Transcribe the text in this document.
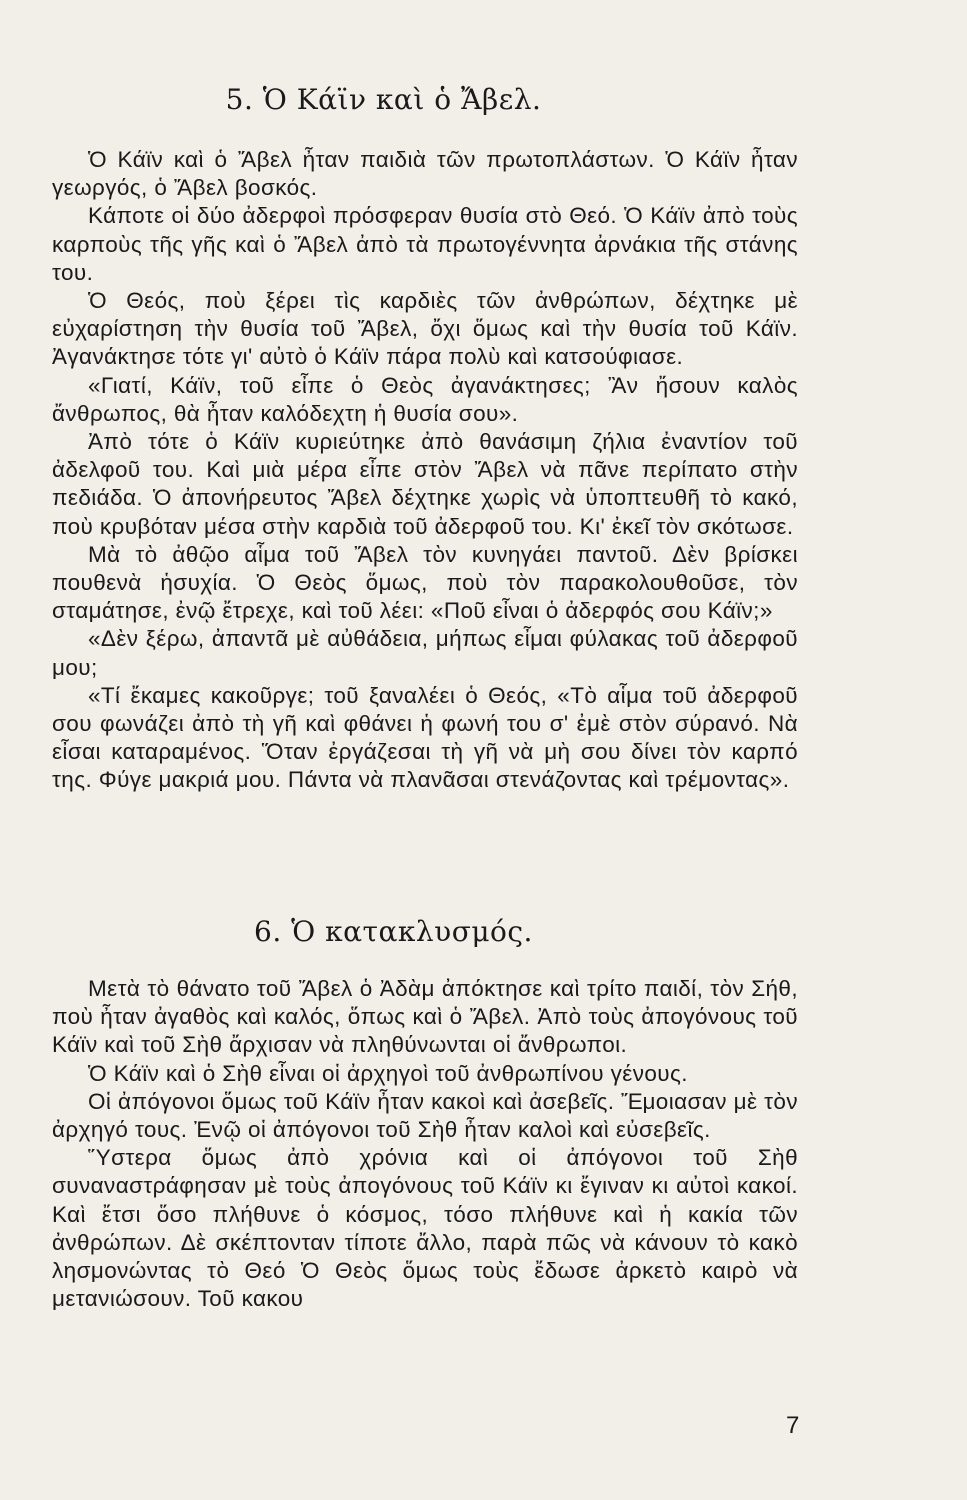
5. Ὁ Κάϊν καὶ ὁ Ἄβελ.

Ὁ Κάϊν καὶ ὁ Ἄβελ ἦταν παιδιὰ τῶν πρωτοπλάστων. Ὁ Κάϊν ἦταν γεωργός, ὁ Ἄβελ βοσκός.

Κάποτε οἱ δύο ἀδερφοὶ πρόσφεραν θυσία στὸ Θεό. Ὁ Κάϊν ἀπὸ τοὺς καρποὺς τῆς γῆς καὶ ὁ Ἄβελ ἀπὸ τὰ πρωτογέννητα ἀρνάκια τῆς στάνης του.

Ὁ Θεός, ποὺ ξέρει τὶς καρδιὲς τῶν ἀνθρώπων, δέχτηκε μὲ εὐχαρίστηση τὴν θυσία τοῦ Ἄβελ, ὄχι ὅμως καὶ τὴν θυσία τοῦ Κάϊν. Ἀγανάκτησε τότε γι' αὐτὸ ὁ Κάϊν πάρα πολὺ καὶ κατσούφιασε.

«Γιατί, Κάϊν, τοῦ εἶπε ὁ Θεὸς ἀγανάκτησες; Ἂν ἤσουν καλὸς ἄνθρωπος, θὰ ἦταν καλόδεχτη ἡ θυσία σου».

Ἀπὸ τότε ὁ Κάϊν κυριεύτηκε ἀπὸ θανάσιμη ζήλια ἐναντίον τοῦ ἀδελφοῦ του. Καὶ μιὰ μέρα εἶπε στὸν Ἄβελ νὰ πᾶνε περίπατο στὴν πεδιάδα. Ὁ ἀπονήρευτος Ἄβελ δέχτηκε χωρὶς νὰ ὑποπτευθῆ τὸ κακό, ποὺ κρυβόταν μέσα στὴν καρδιὰ τοῦ ἀδερφοῦ του. Κι' ἐκεῖ τὸν σκότωσε.

Μὰ τὸ ἀθῷο αἷμα τοῦ Ἄβελ τὸν κυνηγάει παντοῦ. Δὲν βρίσκει πουθενὰ ἡσυχία. Ὁ Θεὸς ὅμως, ποὺ τὸν παρακολουθοῦσε, τὸν σταμάτησε, ἐνῷ ἔτρεχε, καὶ τοῦ λέει: «Ποῦ εἶναι ὁ ἀδερφός σου Κάϊν;»

«Δὲν ξέρω, ἀπαντᾶ μὲ αὐθάδεια, μήπως εἶμαι φύλακας τοῦ ἀδερφοῦ μου;

«Τί ἔκαμες κακοῦργε; τοῦ ξαναλέει ὁ Θεός, «Τὸ αἷμα τοῦ ἀδερφοῦ σου φωνάζει ἀπὸ τὴ γῆ καὶ φθάνει ἡ φωνή του σ' ἐμὲ στὸν σύρανό. Νὰ εἶσαι καταραμένος. Ὅταν ἐργάζεσαι τὴ γῆ νὰ μὴ σου δίνει τὸν καρπό της. Φύγε μακριά μου. Πάντα νὰ πλανᾶσαι στενάζοντας καὶ τρέμοντας».

6. Ὁ κατακλυσμός.

Μετὰ τὸ θάνατο τοῦ Ἄβελ ὁ Ἀδὰμ ἀπόκτησε καὶ τρίτο παιδί, τὸν Σήθ, ποὺ ἦταν ἀγαθὸς καὶ καλός, ὅπως καὶ ὁ Ἄβελ. Ἀπὸ τοὺς ἀπογόνους τοῦ Κάϊν καὶ τοῦ Σὴθ ἄρχισαν νὰ πληθύνωνται οἱ ἄνθρωποι.

Ὁ Κάϊν καὶ ὁ Σὴθ εἶναι οἱ ἀρχηγοὶ τοῦ ἀνθρωπίνου γένους.

Οἱ ἀπόγονοι ὅμως τοῦ Κάϊν ἦταν κακοὶ καὶ ἀσεβεῖς. Ἔμοιασαν μὲ τὸν ἀρχηγό τους. Ἐνῷ οἱ ἀπόγονοι τοῦ Σὴθ ἦταν καλοὶ καὶ εὐσεβεῖς.

Ὕστερα ὅμως ἀπὸ χρόνια καὶ οἱ ἀπόγονοι τοῦ Σὴθ συναναστράφησαν μὲ τοὺς ἀπογόνους τοῦ Κάϊν κι ἔγιναν κι αὐτοὶ κακοί. Καὶ ἔτσι ὅσο πλήθυνε ὁ κόσμος, τόσο πλήθυνε καὶ ἡ κακία τῶν ἀνθρώπων. Δὲ σκέπτονταν τίποτε ἄλλο, παρὰ πῶς νὰ κάνουν τὸ κακὸ λησμονώντας τὸ Θεό Ὁ Θεὸς ὅμως τοὺς ἔδωσε ἀρκετὸ καιρὸ νὰ μετανιώσουν. Τοῦ κακου

7
